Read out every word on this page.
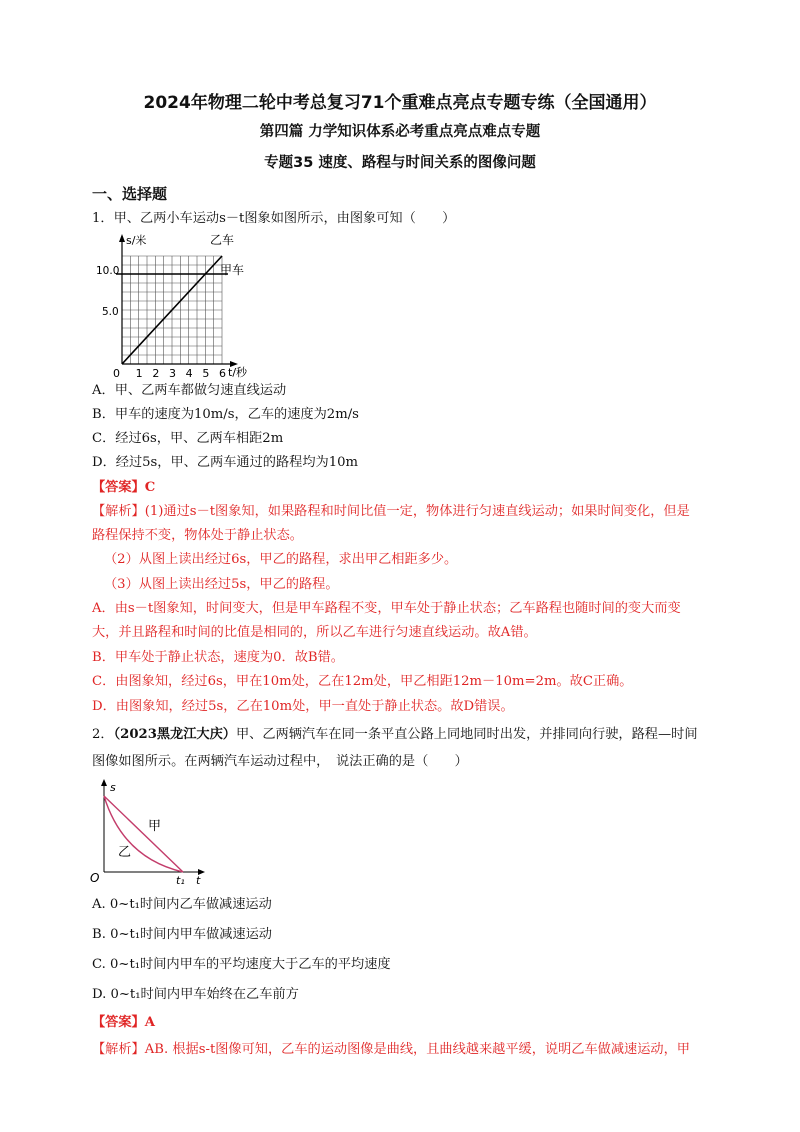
2024年物理二轮中考总复习71个重难点亮点专题专练（全国通用）
第四篇 力学知识体系必考重点亮点难点专题
专题35 速度、路程与时间关系的图像问题
一、选择题
1．甲、乙两小车运动s－t图象如图所示，由图象可知（　　）
s/米	乙车
甲车
10.0
5.0
0 1 2 3 4 5 6 t/秒
A．甲、乙两车都做匀速直线运动
B．甲车的速度为10m/s，乙车的速度为2m/s
C．经过6s，甲、乙两车相距2m
D．经过5s，甲、乙两车通过的路程均为10m
【答案】C
【解析】(1)通过s－t图象知，如果路程和时间比值一定，物体进行匀速直线运动；如果时间变化，但是
路程保持不变，物体处于静止状态。
（2）从图上读出经过6s，甲乙的路程，求出甲乙相距多少。
（3）从图上读出经过5s，甲乙的路程。
A．由s－t图象知，时间变大，但是甲车路程不变，甲车处于静止状态；乙车路程也随时间的变大而变
大，并且路程和时间的比值是相同的，所以乙车进行匀速直线运动。故A错。
B．甲车处于静止状态，速度为0．故B错。
C．由图象知，经过6s，甲在10m处，乙在12m处，甲乙相距12m－10m=2m。故C正确。
D．由图象知，经过5s，乙在10m处，甲一直处于静止状态。故D错误。
2．（2023黑龙江大庆）甲、乙两辆汽车在同一条平直公路上同地同时出发，并排同向行驶，路程—时间
图像如图所示。在两辆汽车运动过程中，　说法正确的是（　　）
s
甲
乙
O	t₁ t
A. 0~t₁时间内乙车做减速运动
B. 0~t₁时间内甲车做减速运动
C. 0~t₁时间内甲车的平均速度大于乙车的平均速度
D. 0~t₁时间内甲车始终在乙车前方
【答案】A
【解析】AB. 根据s-t图像可知，乙车的运动图像是曲线，且曲线越来越平缓，说明乙车做减速运动，甲
